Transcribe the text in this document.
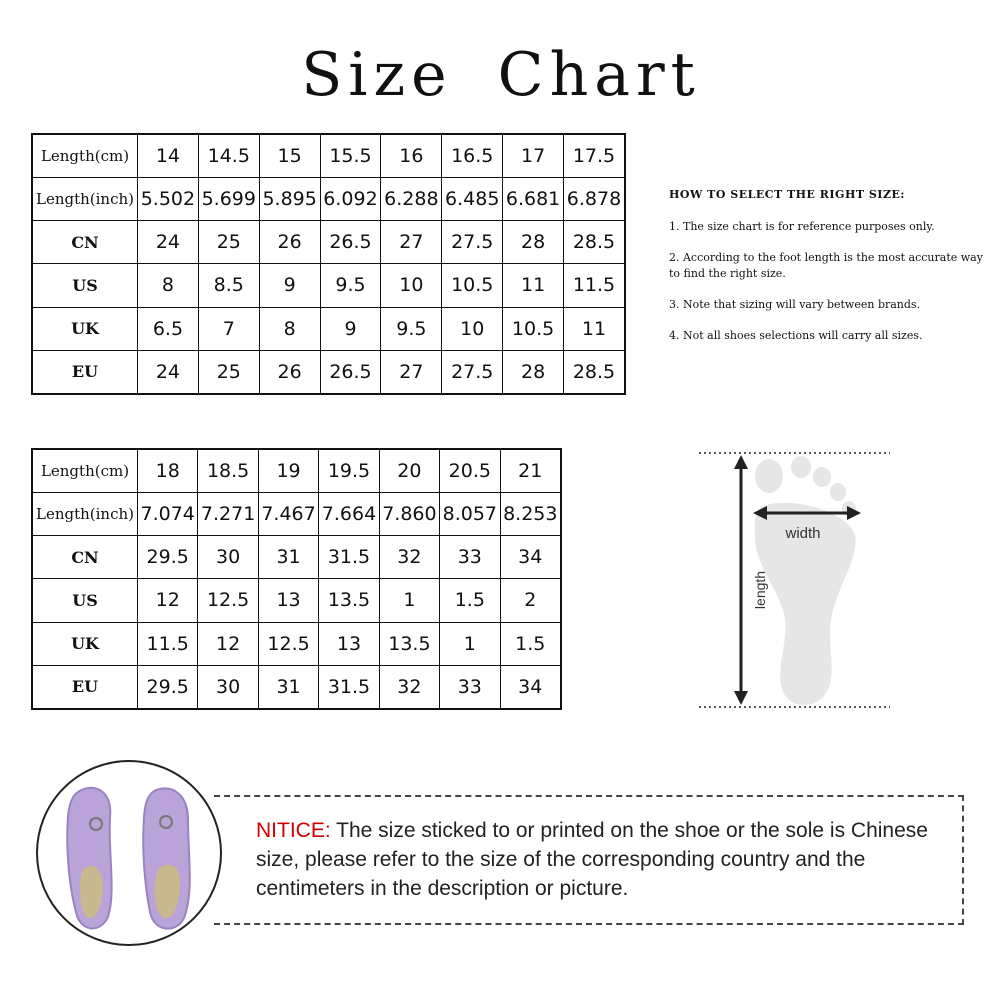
Size Chart
Length(cm)	14	14.5	15	15.5	16	16.5	17	17.5
Length(inch)	5.502	5.699	5.895	6.092	6.288	6.485	6.681	6.878
CN	24	25	26	26.5	27	27.5	28	28.5
US	8	8.5	9	9.5	10	10.5	11	11.5
UK	6.5	7	8	9	9.5	10	10.5	11
EU	24	25	26	26.5	27	27.5	28	28.5
Length(cm)	18	18.5	19	19.5	20	20.5	21
Length(inch)	7.074	7.271	7.467	7.664	7.860	8.057	8.253
CN	29.5	30	31	31.5	32	33	34
US	12	12.5	13	13.5	1	1.5	2
UK	11.5	12	12.5	13	13.5	1	1.5
EU	29.5	30	31	31.5	32	33	34
HOW TO SELECT THE RIGHT SIZE:
1. The size chart is for reference purposes only.
2. According to the foot length is the most accurate way to find the right size.
3. Note that sizing will vary between brands.
4. Not all shoes selections will carry all sizes.
width
length
NITICE: The size sticked to or printed on the shoe or the sole is Chinese size, please refer to the size of the corresponding country and the centimeters in the description or picture.
